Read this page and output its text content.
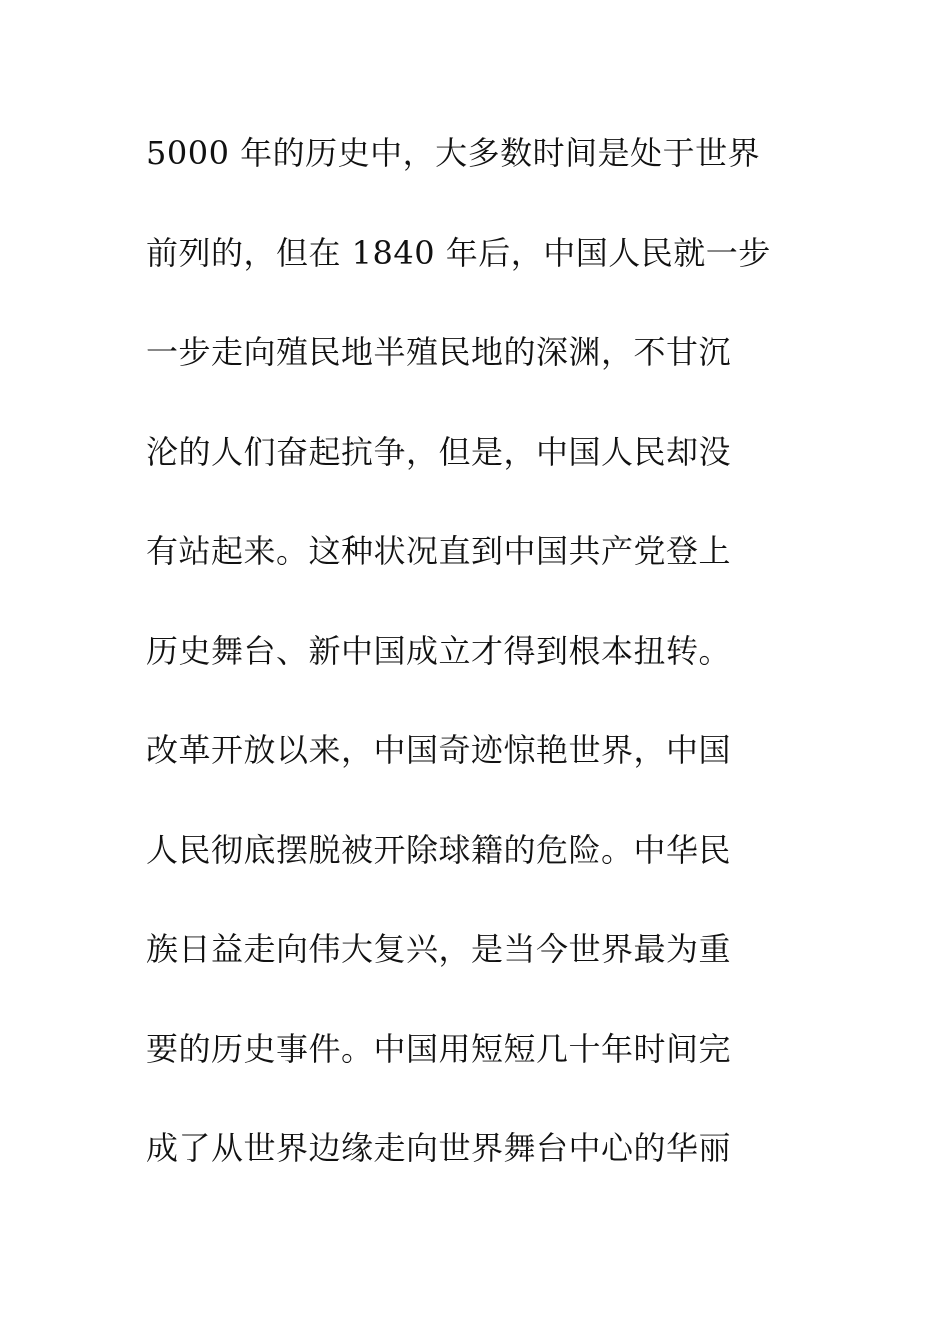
5000 年的历史中，大多数时间是处于世界
前列的，但在 1840 年后，中国人民就一步
一步走向殖民地半殖民地的深渊，不甘沉
沦的人们奋起抗争，但是，中国人民却没
有站起来。这种状况直到中国共产党登上
历史舞台、新中国成立才得到根本扭转。
改革开放以来，中国奇迹惊艳世界，中国
人民彻底摆脱被开除球籍的危险。中华民
族日益走向伟大复兴，是当今世界最为重
要的历史事件。中国用短短几十年时间完
成了从世界边缘走向世界舞台中心的华丽
